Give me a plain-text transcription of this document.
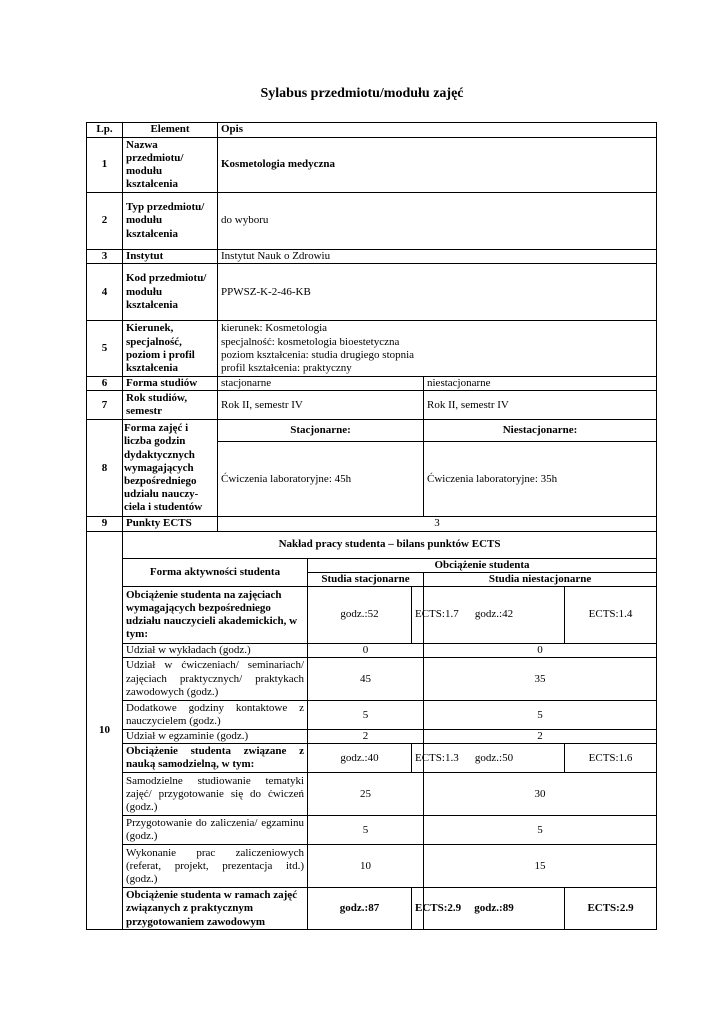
Sylabus przedmiotu/modułu zajęć
Lp.	Element	Opis				
1	Nazwa przedmiotu/ modułu kształcenia	Kosmetologia medyczna				
2	Typ przedmiotu/ modułu kształcenia	do wyboru				
3	Instytut	Instytut Nauk o Zdrowiu				
4	Kod przedmiotu/ modułu kształcenia	PPWSZ-K-2-46-KB				
5	Kierunek, specjalność, poziom i profil kształcenia	kierunek: Kosmetologia
specjalność: kosmetologia bioestetyczna
poziom kształcenia: studia drugiego stopnia
profil kształcenia: praktyczny				
6	Forma studiów	stacjonarne			niestacjonarne	
7	Rok studiów, semestr	Rok II, semestr IV			Rok II, semestr IV	
8	Forma zajęć i liczba godzin dydaktycznych wymagających bezpośredniego udziału nauczy-ciela i studentów	Stacjonarne:			Niestacjonarne:	
		Ćwiczenia laboratoryjne: 45h			Ćwiczenia laboratoryjne: 35h	
9	Punkty ECTS	3				
10	Nakład pracy studenta – bilans punktów ECTS					
	Forma aktywności studenta		Obciążenie studenta			
			Studia stacjonarne		Studia niestacjonarne	
	Obciążenie studenta na zajęciach wymagających bezpośredniego udziału nauczycieli akademickich, w tym:		godz.:52	ECTS:1.7	godz.:42	ECTS:1.4
	Udział w wykładach (godz.)		0		0	
	Udział w ćwiczeniach/ seminariach/ zajęciach praktycznych/ praktykach zawodowych (godz.)		45		35	
	Dodatkowe godziny kontaktowe z nauczycielem (godz.)		5		5	
	Udział w egzaminie (godz.)		2		2	
	Obciążenie studenta związane z nauką samodzielną, w tym:		godz.:40	ECTS:1.3	godz.:50	ECTS:1.6
	Samodzielne studiowanie tematyki zajęć/ przygotowanie się do ćwiczeń (godz.)		25		30	
	Przygotowanie do zaliczenia/ egzaminu (godz.)		5		5	
	Wykonanie prac zaliczeniowych (referat, projekt, prezentacja itd.) (godz.)		10		15	
	Obciążenie studenta w ramach zajęć związanych z praktycznym przygotowaniem zawodowym		godz.:87	ECTS:2.9	godz.:89	ECTS:2.9
